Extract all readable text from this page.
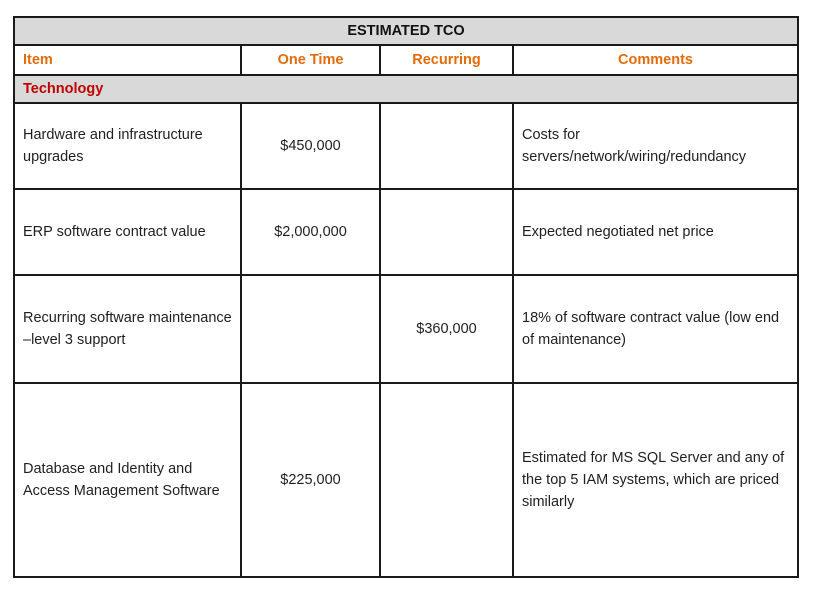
ESTIMATED TCO			
Item	One Time	Recurring	Comments
Technology			
Hardware and infrastructure upgrades	$450,000		Costs for servers/network/wiring/redundancy
ERP software contract value	$2,000,000		Expected negotiated net price
Recurring software maintenance –level 3 support		$360,000	18% of software contract value (low end of maintenance)
Database and Identity and Access Management Software	$225,000		Estimated for MS SQL Server and any of the top 5 IAM systems, which are priced similarly
